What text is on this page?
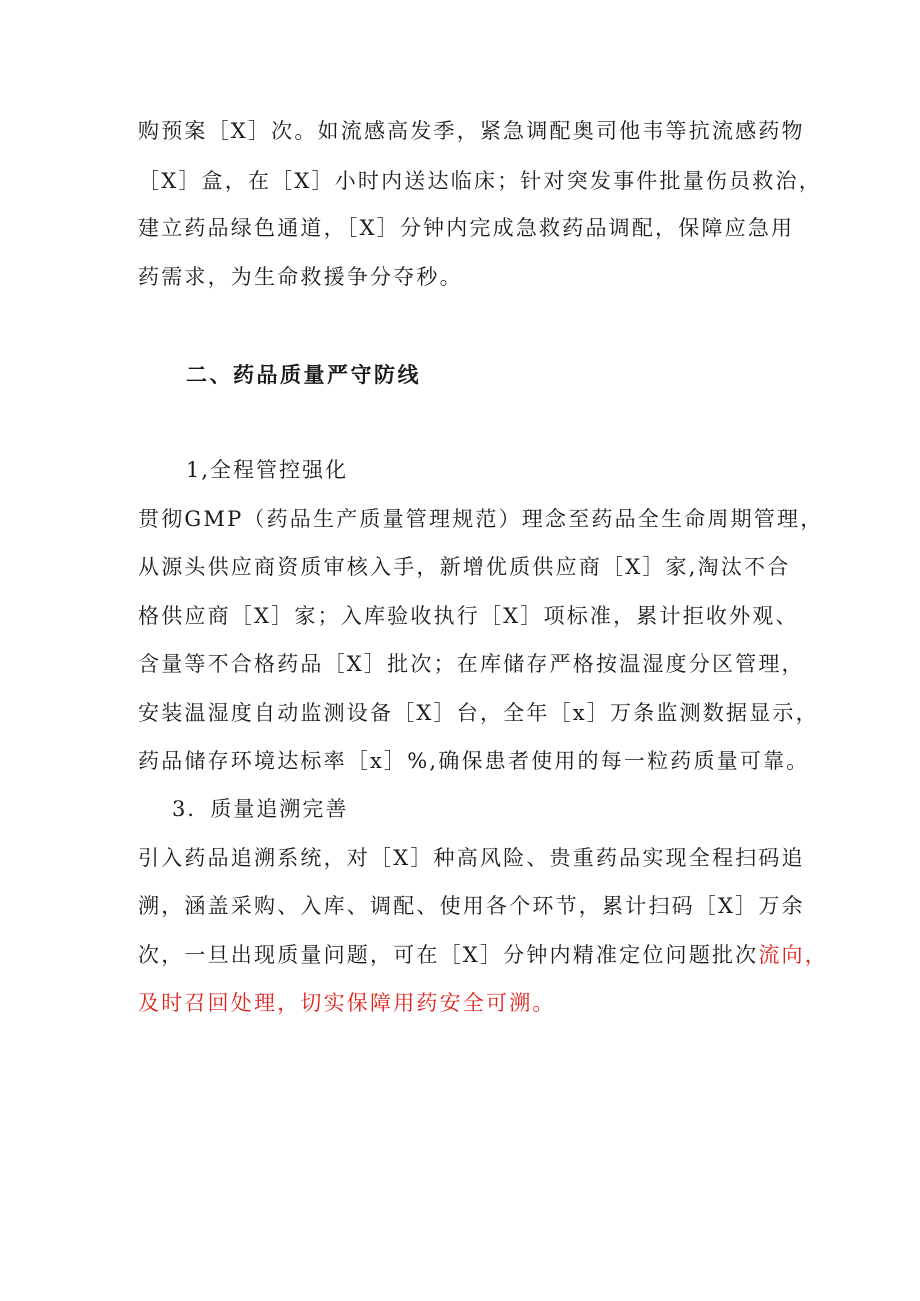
购预案［X］次。如流感高发季，紧急调配奥司他韦等抗流感药物
［X］盒，在［X］小时内送达临床；针对突发事件批量伤员救治，
建立药品绿色通道，［X］分钟内完成急救药品调配，保障应急用
药需求，为生命救援争分夺秒。
二、药品质量严守防线
1,全程管控强化
贯彻GMP（药品生产质量管理规范）理念至药品全生命周期管理，
从源头供应商资质审核入手，新增优质供应商［X］家,淘汰不合
格供应商［X］家；入库验收执行［X］项标准，累计拒收外观、
含量等不合格药品［X］批次；在库储存严格按温湿度分区管理，
安装温湿度自动监测设备［X］台，全年［x］万条监测数据显示，
药品储存环境达标率［x］%,确保患者使用的每一粒药质量可靠。
3．质量追溯完善
引入药品追溯系统，对［X］种高风险、贵重药品实现全程扫码追
溯，涵盖采购、入库、调配、使用各个环节，累计扫码［X］万余
次，一旦出现质量问题，可在［X］分钟内精准定位问题批次流向，
及时召回处理，切实保障用药安全可溯。
